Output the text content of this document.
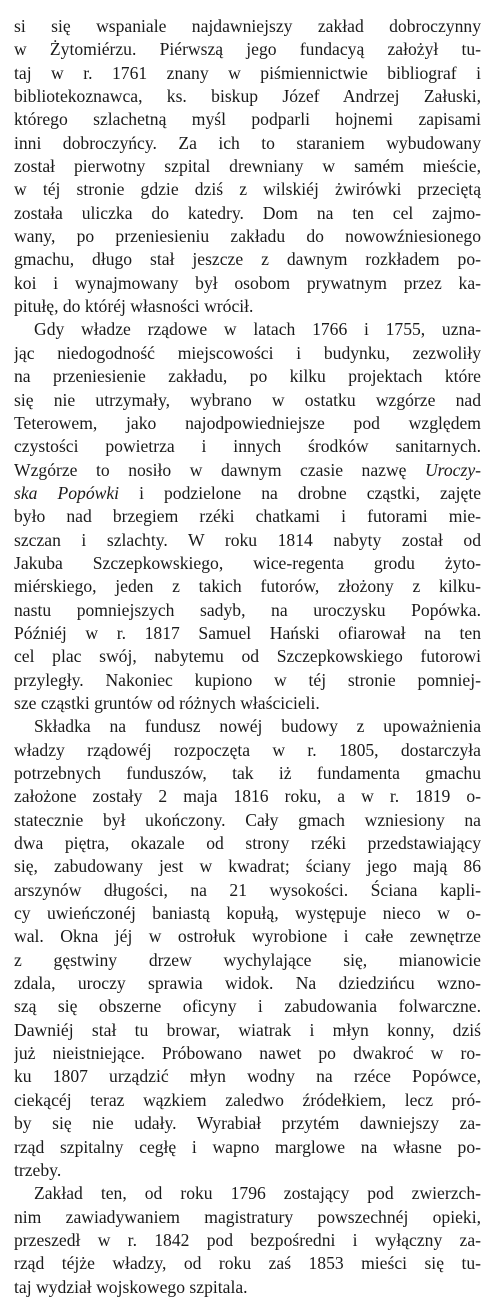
si się wspaniale najdawniejszy zakład dobroczynny
w Żytomiérzu. Piérwszą jego fundacyą założył tu-
taj w r. 1761 znany w piśmiennictwie bibliograf i
bibliotekoznawca, ks. biskup Józef Andrzej Załuski,
którego szlachetną myśl podparli hojnemi zapisami
inni dobroczyńcy. Za ich to staraniem wybudowany
został pierwotny szpital drewniany w samém mieście,
w téj stronie gdzie dziś z wilskiéj żwirówki przeciętą
została uliczka do katedry. Dom na ten cel zajmo-
wany, po przeniesieniu zakładu do nowowźniesionego
gmachu, długo stał jeszcze z dawnym rozkładem po-
koi i wynajmowany był osobom prywatnym przez ka-
pitułę, do któréj własności wrócił.
Gdy władze rządowe w latach 1766 i 1755, uzna-
jąc niedogodność miejscowości i budynku, zezwoliły
na przeniesienie zakładu, po kilku projektach które
się nie utrzymały, wybrano w ostatku wzgórze nad
Teterowem, jako najodpowiedniejsze pod względem
czystości powietrza i innych środków sanitarnych.
Wzgórze to nosiło w dawnym czasie nazwę Uroczy-
ska Popówki i podzielone na drobne cząstki, zajęte
było nad brzegiem rzéki chatkami i futorami mie-
szczan i szlachty. W roku 1814 nabyty został od
Jakuba Szczepkowskiego, wice-regenta grodu żyto-
miérskiego, jeden z takich futorów, złożony z kilku-
nastu pomniejszych sadyb, na uroczysku Popówka.
Późniéj w r. 1817 Samuel Hański ofiarował na ten
cel plac swój, nabytemu od Szczepkowskiego futorowi
przyległy. Nakoniec kupiono w téj stronie pomniej-
sze cząstki gruntów od różnych właścicieli.
Składka na fundusz nowéj budowy z upoważnienia
władzy rządowéj rozpoczęta w r. 1805, dostarczyła
potrzebnych funduszów, tak iż fundamenta gmachu
założone zostały 2 maja 1816 roku, a w r. 1819 o-
statecznie był ukończony. Cały gmach wzniesiony na
dwa piętra, okazale od strony rzéki przedstawiający
się, zabudowany jest w kwadrat; ściany jego mają 86
arszynów długości, na 21 wysokości. Ściana kapli-
cy uwieńczonéj baniastą kopułą, występuje nieco w o-
wal. Okna jéj w ostrołuk wyrobione i całe zewnętrze
z gęstwiny drzew wychylające się, mianowicie
zdala, uroczy sprawia widok. Na dziedzińcu wzno-
szą się obszerne oficyny i zabudowania folwarczne.
Dawniéj stał tu browar, wiatrak i młyn konny, dziś
już nieistniejące. Próbowano nawet po dwakroć w ro-
ku 1807 urządzić młyn wodny na rzéce Popówce,
ciekącéj teraz wązkiem zaledwo źródełkiem, lecz pró-
by się nie udały. Wyrabiał przytém dawniejszy za-
rząd szpitalny cegłę i wapno marglowe na własne po-
trzeby.
Zakład ten, od roku 1796 zostający pod zwierzch-
nim zawiadywaniem magistratury powszechnéj opieki,
przeszedł w r. 1842 pod bezpośredni i wyłączny za-
rząd téjże władzy, od roku zaś 1853 mieści się tu-
taj wydział wojskowego szpitala.
